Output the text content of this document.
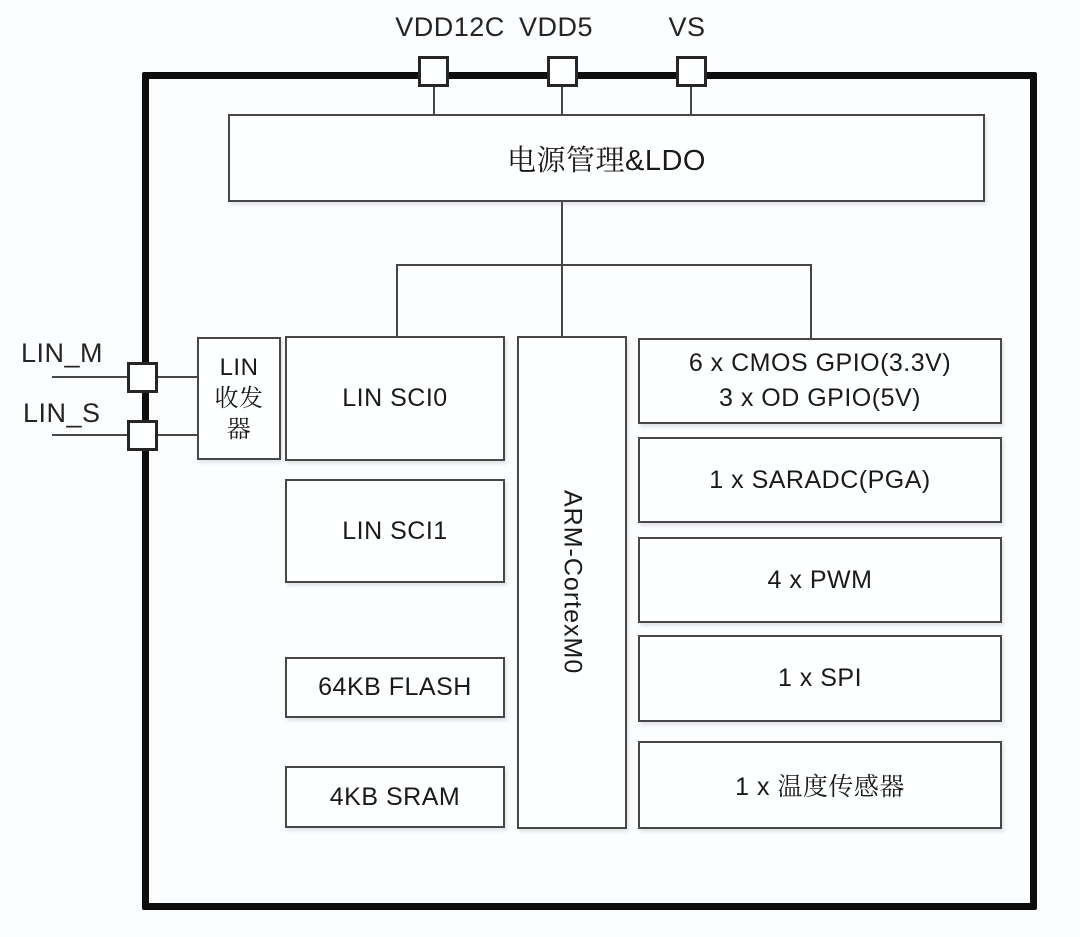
VDD12C VDD5	VS
LIN_M
LIN_S
电源管理&LDO
LIN
收发
器
LIN SCI0
LIN SCI1
64KB FLASH
4KB SRAM
ARM-CortexM0
6 x CMOS GPIO(3.3V)
3 x OD GPIO(5V)
1 x SARADC(PGA)
4 x PWM
1 x SPI
1 x 温度传感器
